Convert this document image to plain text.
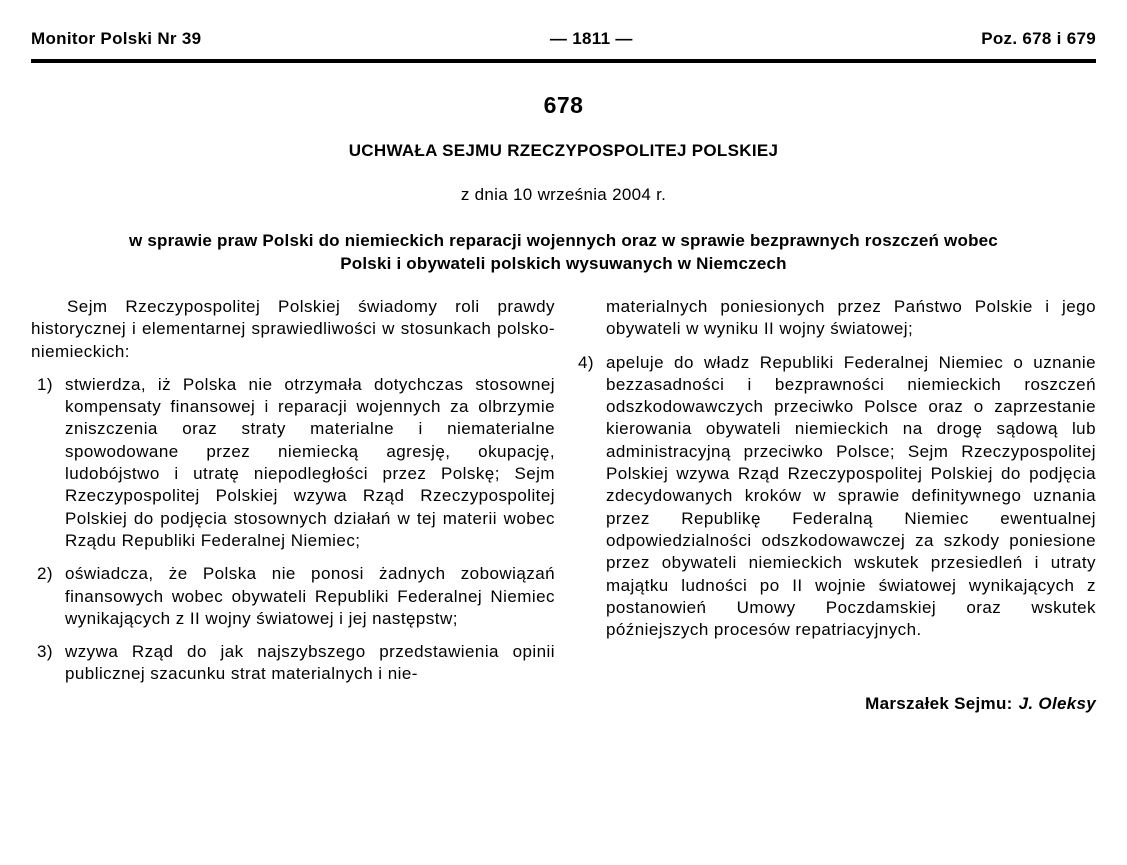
Monitor Polski Nr 39	— 1811 —	Poz. 678 i 679
678
UCHWAŁA SEJMU RZECZYPOSPOLITEJ POLSKIEJ
z dnia 10 września 2004 r.
w sprawie praw Polski do niemieckich reparacji wojennych oraz w sprawie bezprawnych roszczeń wobec
Polski i obywateli polskich wysuwanych w Niemczech

Sejm Rzeczypospolitej Polskiej świadomy roli prawdy historycznej i elementarnej sprawiedliwości w stosunkach polsko-niemieckich:

1) stwierdza, iż Polska nie otrzymała dotychczas stosownej kompensaty finansowej i reparacji wojennych za olbrzymie zniszczenia oraz straty materialne i niematerialne spowodowane przez niemiecką agresję, okupację, ludobójstwo i utratę niepodległości przez Polskę; Sejm Rzeczypospolitej Polskiej wzywa Rząd Rzeczypospolitej Polskiej do podjęcia stosownych działań w tej materii wobec Rządu Republiki Federalnej Niemiec;
2) oświadcza, że Polska nie ponosi żadnych zobowiązań finansowych wobec obywateli Republiki Federalnej Niemiec wynikających z II wojny światowej i jej następstw;
3) wzywa Rząd do jak najszybszego przedstawienia opinii publicznej szacunku strat materialnych i nie-

materialnych poniesionych przez Państwo Polskie i jego obywateli w wyniku II wojny światowej;

4) apeluje do władz Republiki Federalnej Niemiec o uznanie bezzasadności i bezprawności niemieckich roszczeń odszkodowawczych przeciwko Polsce oraz o zaprzestanie kierowania obywateli niemieckich na drogę sądową lub administracyjną przeciwko Polsce; Sejm Rzeczypospolitej Polskiej wzywa Rząd Rzeczypospolitej Polskiej do podjęcia zdecydowanych kroków w sprawie definitywnego uznania przez Republikę Federalną Niemiec ewentualnej odpowiedzialności odszkodowawczej za szkody poniesione przez obywateli niemieckich wskutek przesiedleń i utraty majątku ludności po II wojnie światowej wynikających z postanowień Umowy Poczdamskiej oraz wskutek późniejszych procesów repatriacyjnych.
Marszałek Sejmu: J. Oleksy
